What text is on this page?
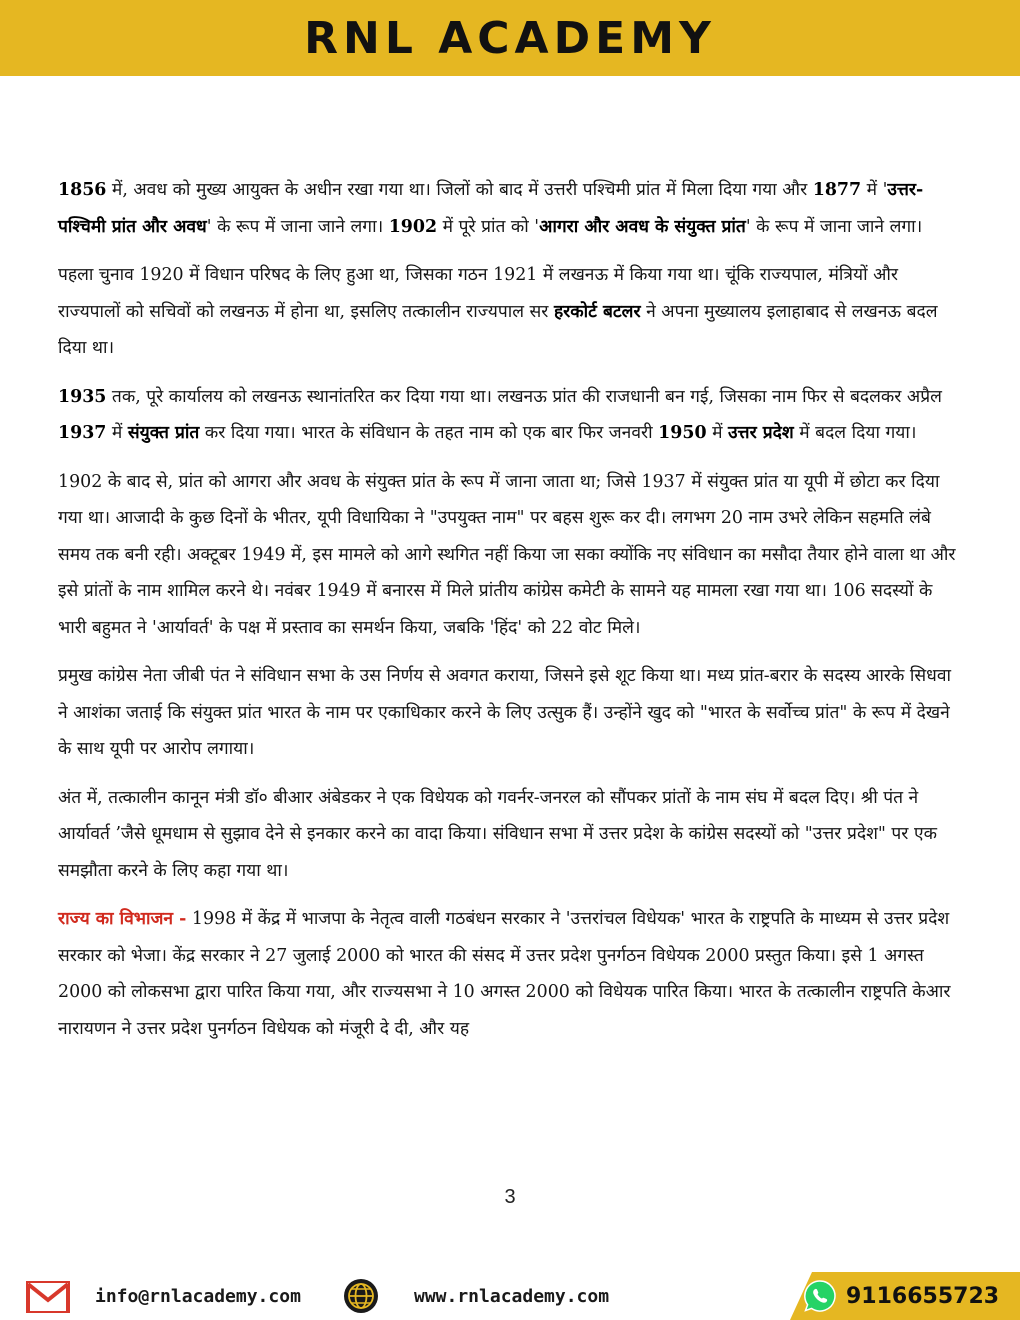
RNL ACADEMY

1856 में, अवध को मुख्य आयुक्त के अधीन रखा गया था। जिलों को बाद में उत्तरी पश्चिमी प्रांत में मिला दिया गया और 1877 में 'उत्तर-पश्चिमी प्रांत और अवध' के रूप में जाना जाने लगा। 1902 में पूरे प्रांत को 'आगरा और अवध के संयुक्त प्रांत' के रूप में जाना जाने लगा।

पहला चुनाव 1920 में विधान परिषद के लिए हुआ था, जिसका गठन 1921 में लखनऊ में किया गया था। चूंकि राज्यपाल, मंत्रियों और राज्यपालों को सचिवों को लखनऊ में होना था, इसलिए तत्कालीन राज्यपाल सर हरकोर्ट बटलर ने अपना मुख्यालय इलाहाबाद से लखनऊ बदल दिया था।

1935 तक, पूरे कार्यालय को लखनऊ स्थानांतरित कर दिया गया था। लखनऊ प्रांत की राजधानी बन गई, जिसका नाम फिर से बदलकर अप्रैल 1937 में संयुक्त प्रांत कर दिया गया। भारत के संविधान के तहत नाम को एक बार फिर जनवरी 1950 में उत्तर प्रदेश में बदल दिया गया।

1902 के बाद से, प्रांत को आगरा और अवध के संयुक्त प्रांत के रूप में जाना जाता था; जिसे 1937 में संयुक्त प्रांत या यूपी में छोटा कर दिया गया था। आजादी के कुछ दिनों के भीतर, यूपी विधायिका ने "उपयुक्त नाम" पर बहस शुरू कर दी। लगभग 20 नाम उभरे लेकिन सहमति लंबे समय तक बनी रही। अक्टूबर 1949 में, इस मामले को आगे स्थगित नहीं किया जा सका क्योंकि नए संविधान का मसौदा तैयार होने वाला था और इसे प्रांतों के नाम शामिल करने थे। नवंबर 1949 में बनारस में मिले प्रांतीय कांग्रेस कमेटी के सामने यह मामला रखा गया था। 106 सदस्यों के भारी बहुमत ने 'आर्यावर्त' के पक्ष में प्रस्ताव का समर्थन किया, जबकि 'हिंद' को 22 वोट मिले।

प्रमुख कांग्रेस नेता जीबी पंत ने संविधान सभा के उस निर्णय से अवगत कराया, जिसने इसे शूट किया था। मध्य प्रांत-बरार के सदस्य आरके सिधवा ने आशंका जताई कि संयुक्त प्रांत भारत के नाम पर एकाधिकार करने के लिए उत्सुक हैं। उन्होंने खुद को "भारत के सर्वोच्च प्रांत" के रूप में देखने के साथ यूपी पर आरोप लगाया।

अंत में, तत्कालीन कानून मंत्री डॉ० बीआर अंबेडकर ने एक विधेयक को गवर्नर-जनरल को सौंपकर प्रांतों के नाम संघ में बदल दिए। श्री पंत ने आर्यावर्त ’जैसे धूमधाम से सुझाव देने से इनकार करने का वादा किया। संविधान सभा में उत्तर प्रदेश के कांग्रेस सदस्यों को "उत्तर प्रदेश" पर एक समझौता करने के लिए कहा गया था।

राज्य का विभाजन - 1998 में केंद्र में भाजपा के नेतृत्व वाली गठबंधन सरकार ने 'उत्तरांचल विधेयक' भारत के राष्ट्रपति के माध्यम से उत्तर प्रदेश सरकार को भेजा। केंद्र सरकार ने 27 जुलाई 2000 को भारत की संसद में उत्तर प्रदेश पुनर्गठन विधेयक 2000 प्रस्तुत किया। इसे 1 अगस्त 2000 को लोकसभा द्वारा पारित किया गया, और राज्यसभा ने 10 अगस्त 2000 को विधेयक पारित किया। भारत के तत्कालीन राष्ट्रपति केआर नारायणन ने उत्तर प्रदेश पुनर्गठन विधेयक को मंजूरी दे दी, और यह

3
info@rnlacademy.com	www.rnlacademy.com	9116655723
